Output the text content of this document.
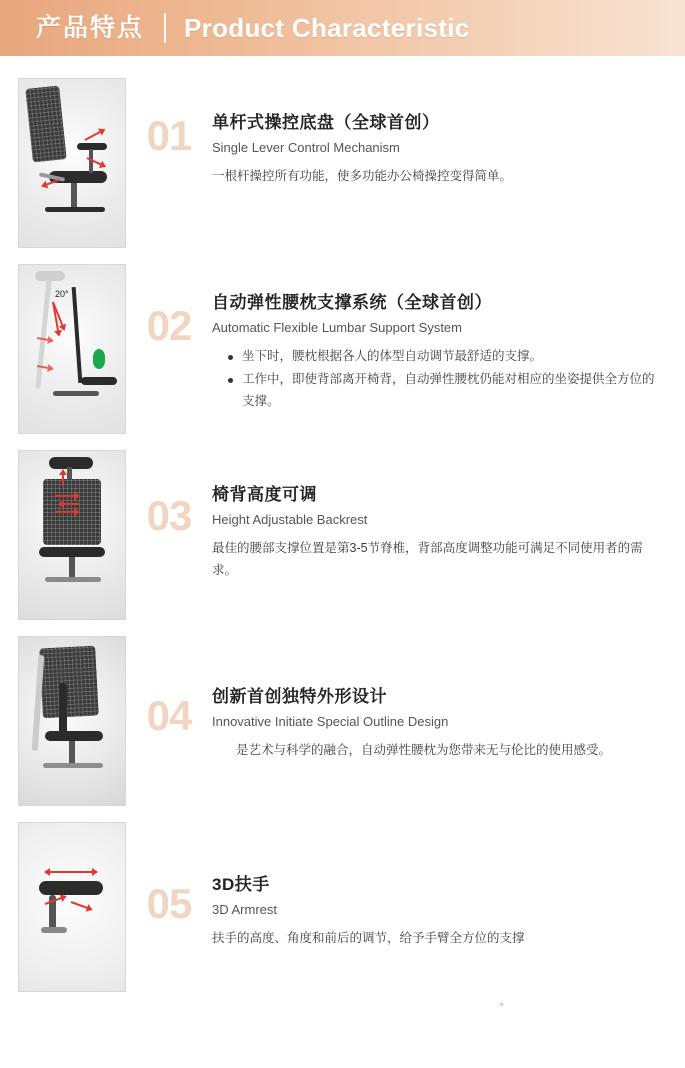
产品特点 Product Characteristic
01	单杆式操控底盘（全球首创）

Single Lever Control Mechanism

一根杆操控所有功能，使多功能办公椅操控变得简单。

20°
02	自动弹性腰枕支撑系统（全球首创）

Automatic Flexible Lumbar Support System

坐下时，腰枕根据各人的体型自动调节最舒适的支撑。
工作中，即使背部离开椅背，自动弹性腰枕仍能对相应的坐姿提供全方位的支撑。
03	椅背高度可调

Height Adjustable Backrest

最佳的腰部支撑位置是第3-5节脊椎，背部高度调整功能可满足不同使用者的需求。

04	创新首创独特外形设计

Innovative Initiate Special Outline Design

是艺术与科学的融合，自动弹性腰枕为您带来无与伦比的使用感受。

05	3D扶手

3D Armrest

扶手的高度、角度和前后的调节，给予手臂全方位的支撑

。
